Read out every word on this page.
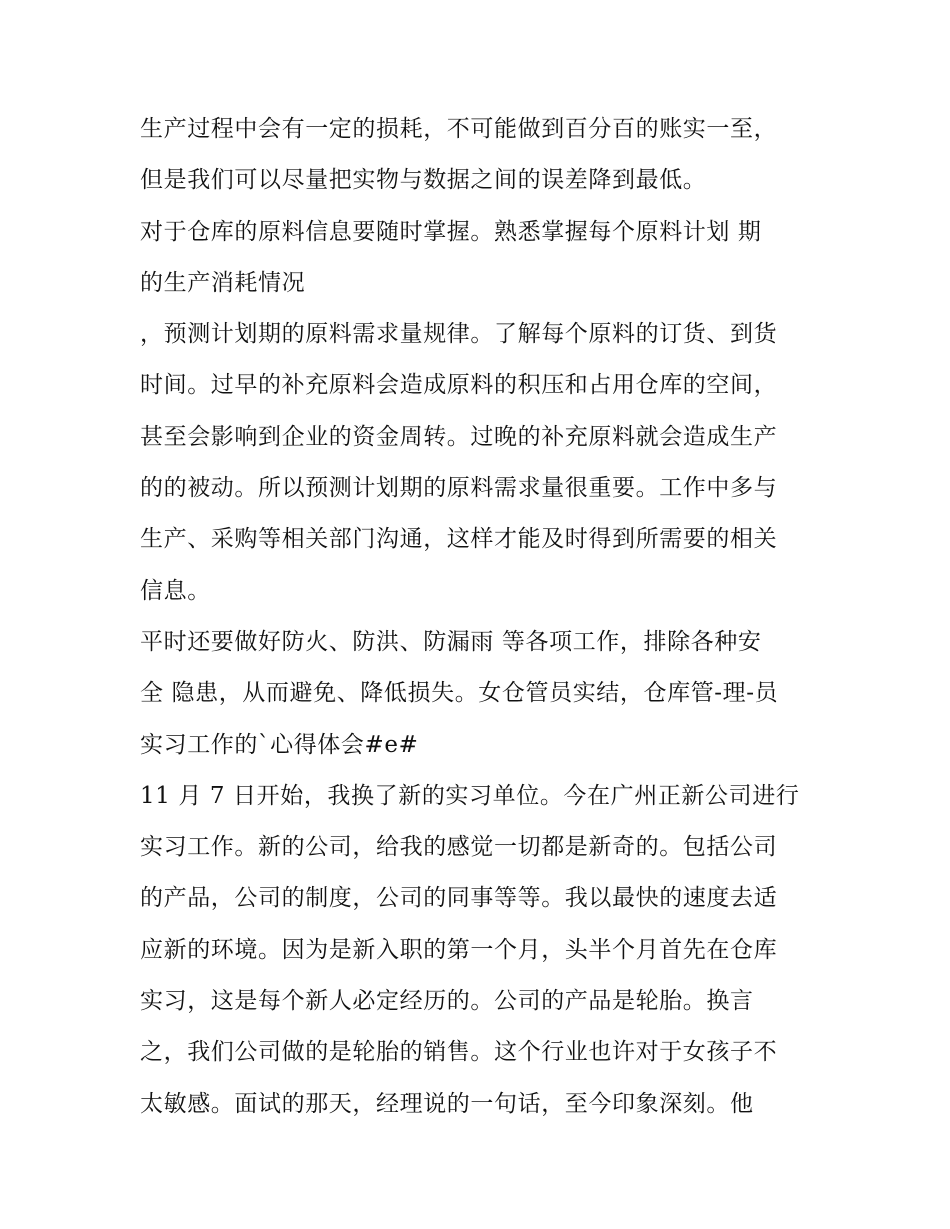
生产过程中会有一定的损耗，不可能做到百分百的账实一至，
但是我们可以尽量把实物与数据之间的误差降到最低。
对于仓库的原料信息要随时掌握。熟悉掌握每个原料计划 期
的生产消耗情况
，预测计划期的原料需求量规律。了解每个原料的订货、到货
时间。过早的补充原料会造成原料的积压和占用仓库的空间，
甚至会影响到企业的资金周转。过晚的补充原料就会造成生产
的的被动。所以预测计划期的原料需求量很重要。工作中多与
生产、采购等相关部门沟通，这样才能及时得到所需要的相关
信息。
平时还要做好防火、防洪、防漏雨 等各项工作，排除各种安
全 隐患，从而避免、降低损失。女仓管员实结，仓库管-理-员
实习工作的`心得体会#e#
11 月 7 日开始，我换了新的实习单位。今在广州正新公司进行
实习工作。新的公司，给我的感觉一切都是新奇的。包括公司
的产品，公司的制度，公司的同事等等。我以最快的速度去适
应新的环境。因为是新入职的第一个月，头半个月首先在仓库
实习，这是每个新人必定经历的。公司的产品是轮胎。换言
之，我们公司做的是轮胎的销售。这个行业也许对于女孩子不
太敏感。面试的那天，经理说的一句话，至今印象深刻。他
